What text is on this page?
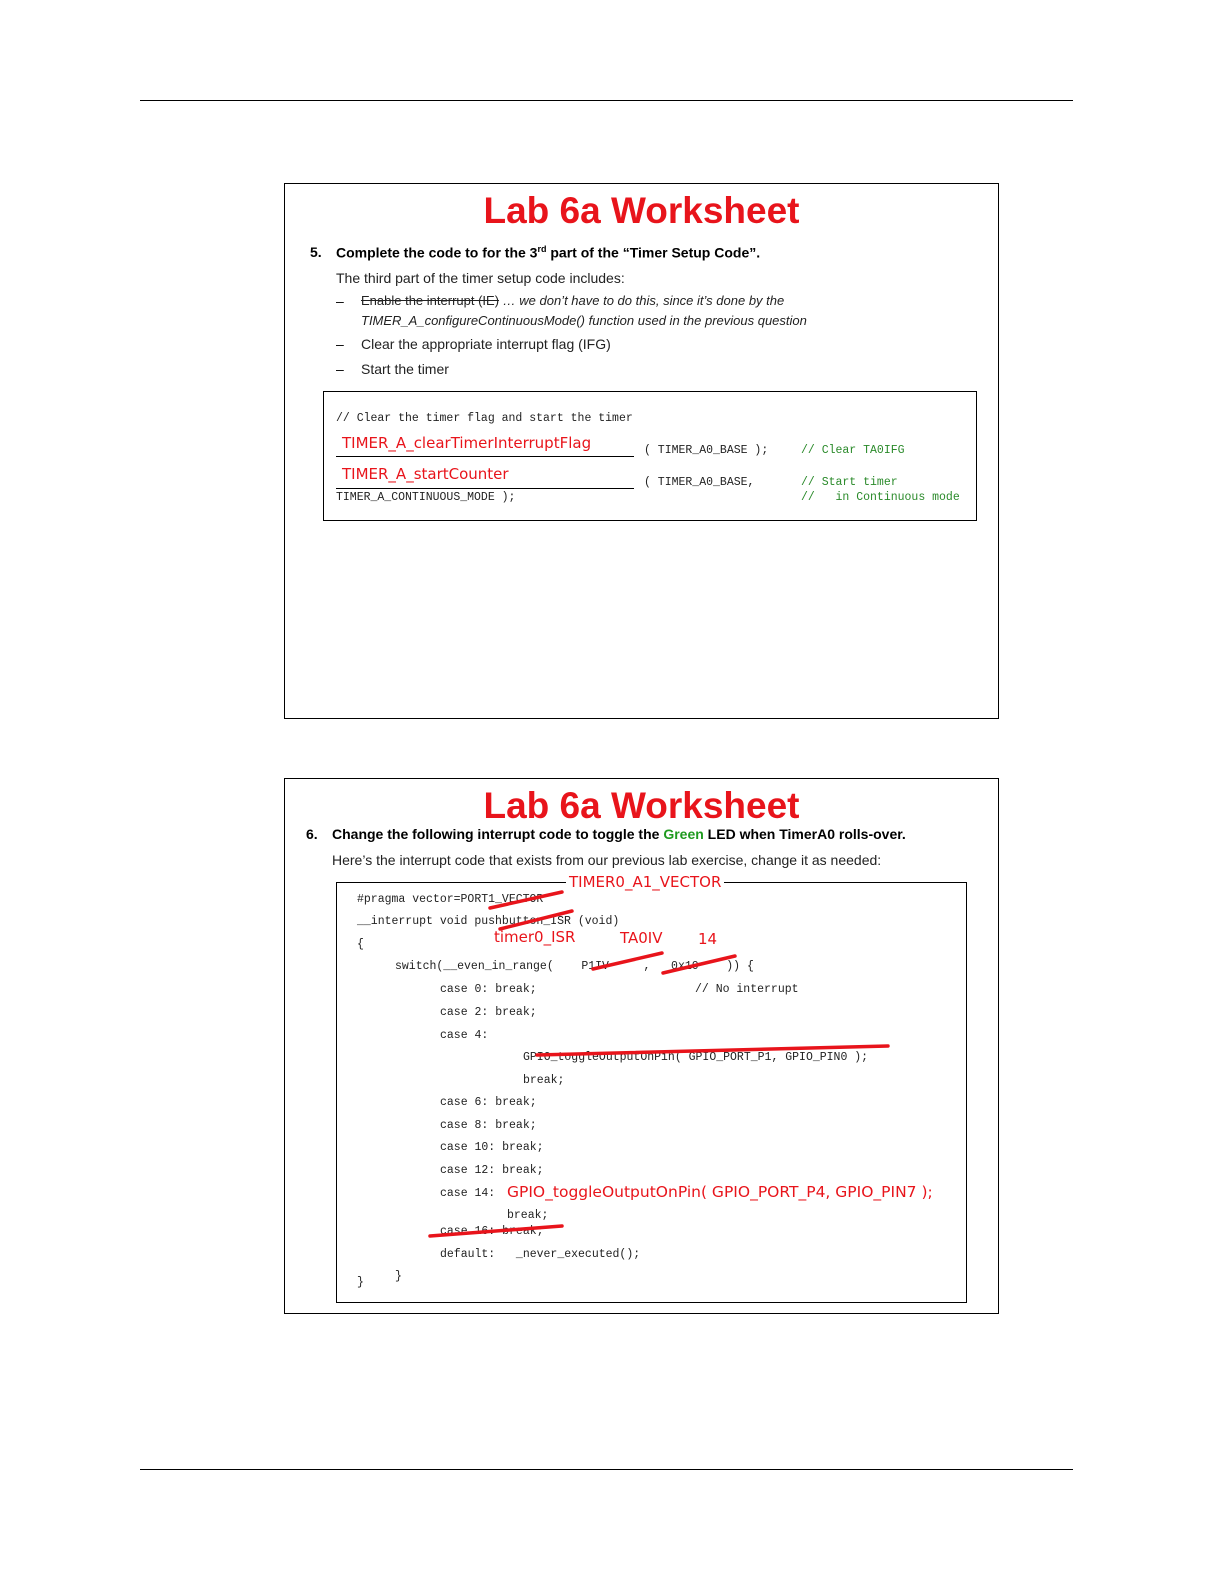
Lab 6a Worksheet
5. Complete the code to for the 3rd part of the “Timer Setup Code”.
The third part of the timer setup code includes:
– Enable the interrupt (IE) … we don’t have to do this, since it’s done by the
TIMER_A_configureContinuousMode() function used in the previous question
– Clear the appropriate interrupt flag (IFG)
– Start the timer
// Clear the timer flag and start the timer
TIMER_A_clearTimerInterruptFlag	( TIMER_A0_BASE );	// Clear TA0IFG
TIMER_A_startCounter	( TIMER_A0_BASE,	// Start timer
TIMER_A_CONTINUOUS_MODE );	//   in Continuous mode
Lab 6a Worksheet
6. Change the following interrupt code to toggle the Green LED when TimerA0 rolls-over.
Here’s the interrupt code that exists from our previous lab exercise, change it as needed:
#pragma vector=PORT1_VECTOR
__interrupt void pushbutton_ISR (void)
{
switch(__even_in_range(    P1IV     ,   0x10    )) {
case 0: break;	// No interrupt
case 2: break;
case 4:
GPIO_toggleOutputOnPin( GPIO_PORT_P1, GPIO_PIN0 );
break;
case 6: break;
case 8: break;
case 10: break;
case 12: break;
case 14:
break;
case 16: break;
default:   _never_executed();
}
}
TIMER0_A1_VECTOR
timer0_ISR	TA0IV 14
GPIO_toggleOutputOnPin( GPIO_PORT_P4, GPIO_PIN7 );
